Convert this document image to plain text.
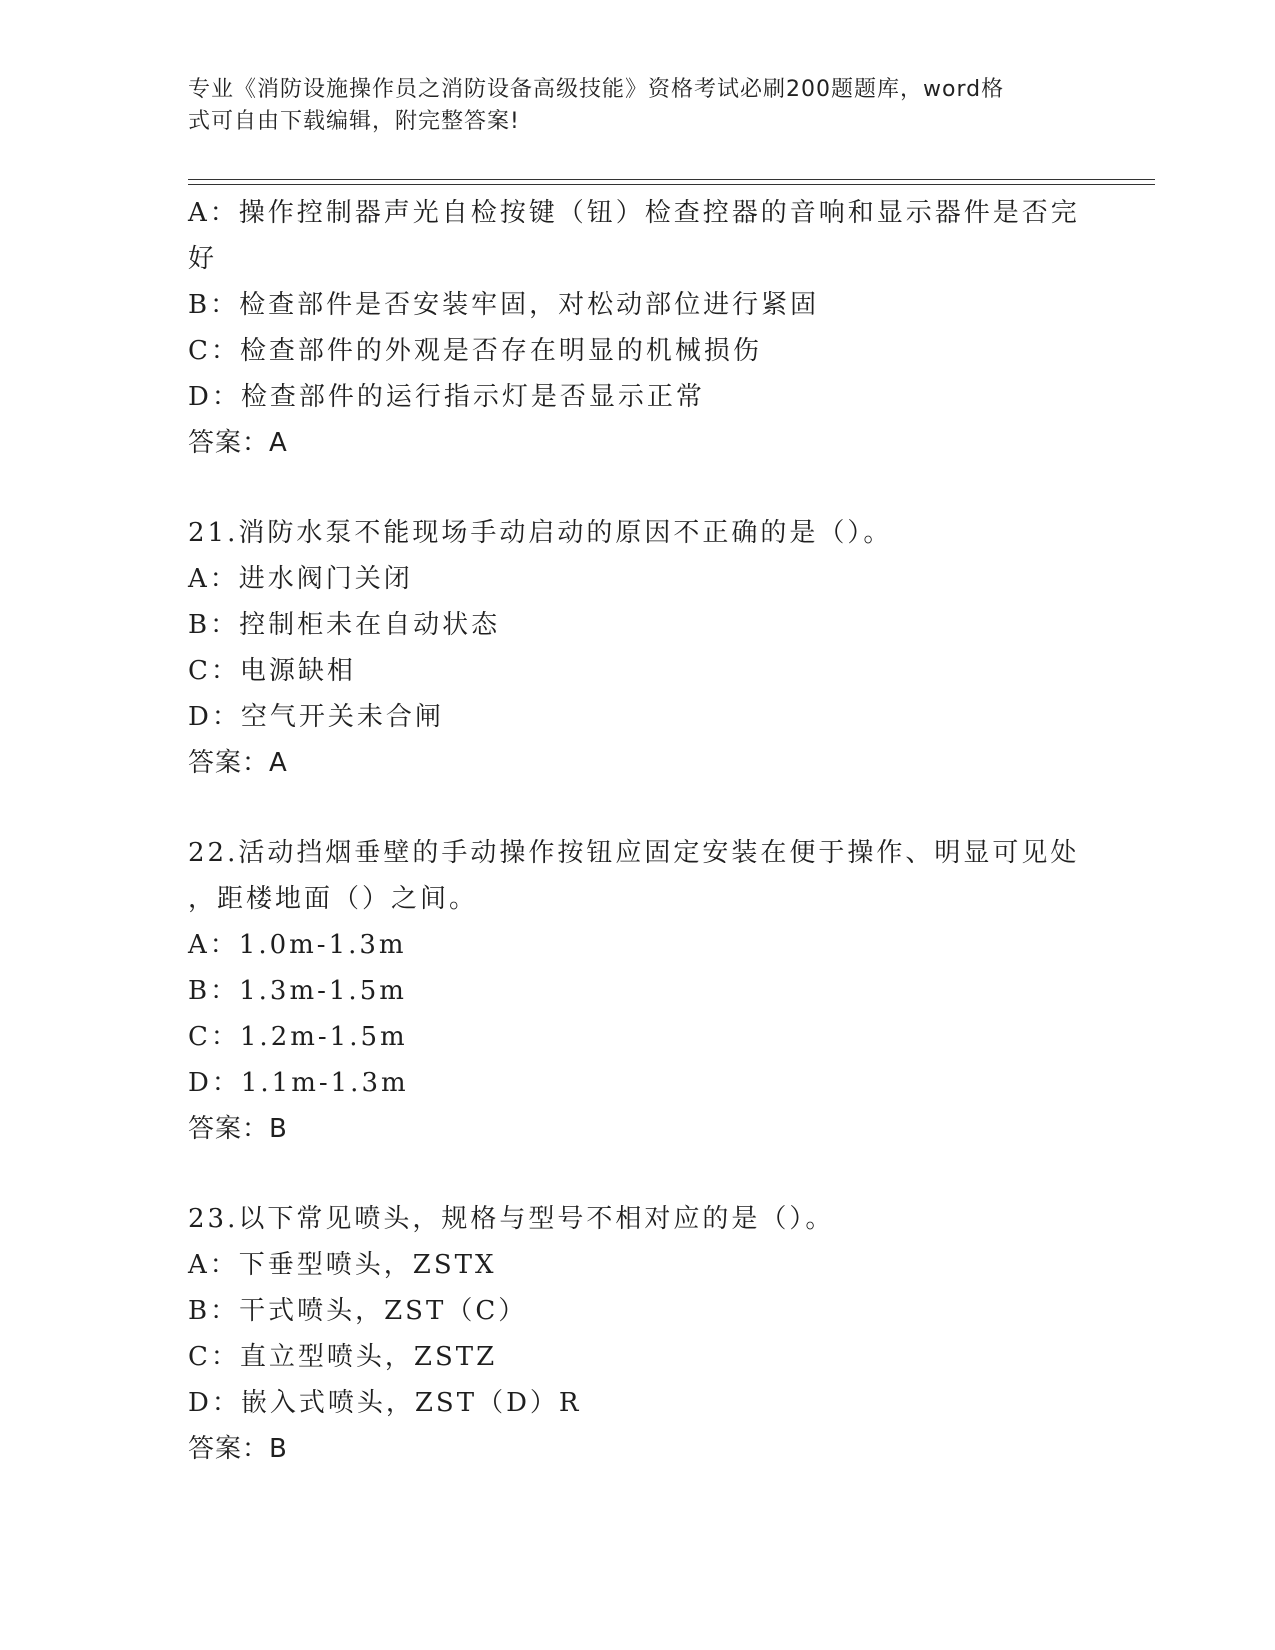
专业《消防设施操作员之消防设备高级技能》资格考试必刷200题题库，word格
式可自由下载编辑，附完整答案!
A：操作控制器声光自检按键（钮）检查控器的音响和显示器件是否完
好
B：检查部件是否安装牢固，对松动部位进行紧固
C：检查部件的外观是否存在明显的机械损伤
D：检查部件的运行指示灯是否显示正常
答案：A
21.消防水泵不能现场手动启动的原因不正确的是（）。
A：进水阀门关闭
B：控制柜未在自动状态
C：电源缺相
D：空气开关未合闸
答案：A
22.活动挡烟垂壁的手动操作按钮应固定安装在便于操作、明显可见处
，距楼地面（）之间。
A：1.0m-1.3m
B：1.3m-1.5m
C：1.2m-1.5m
D：1.1m-1.3m
答案：B
23.以下常见喷头，规格与型号不相对应的是（）。
A：下垂型喷头，ZSTX
B：干式喷头，ZST（C）
C：直立型喷头，ZSTZ
D：嵌入式喷头，ZST（D）R
答案：B
